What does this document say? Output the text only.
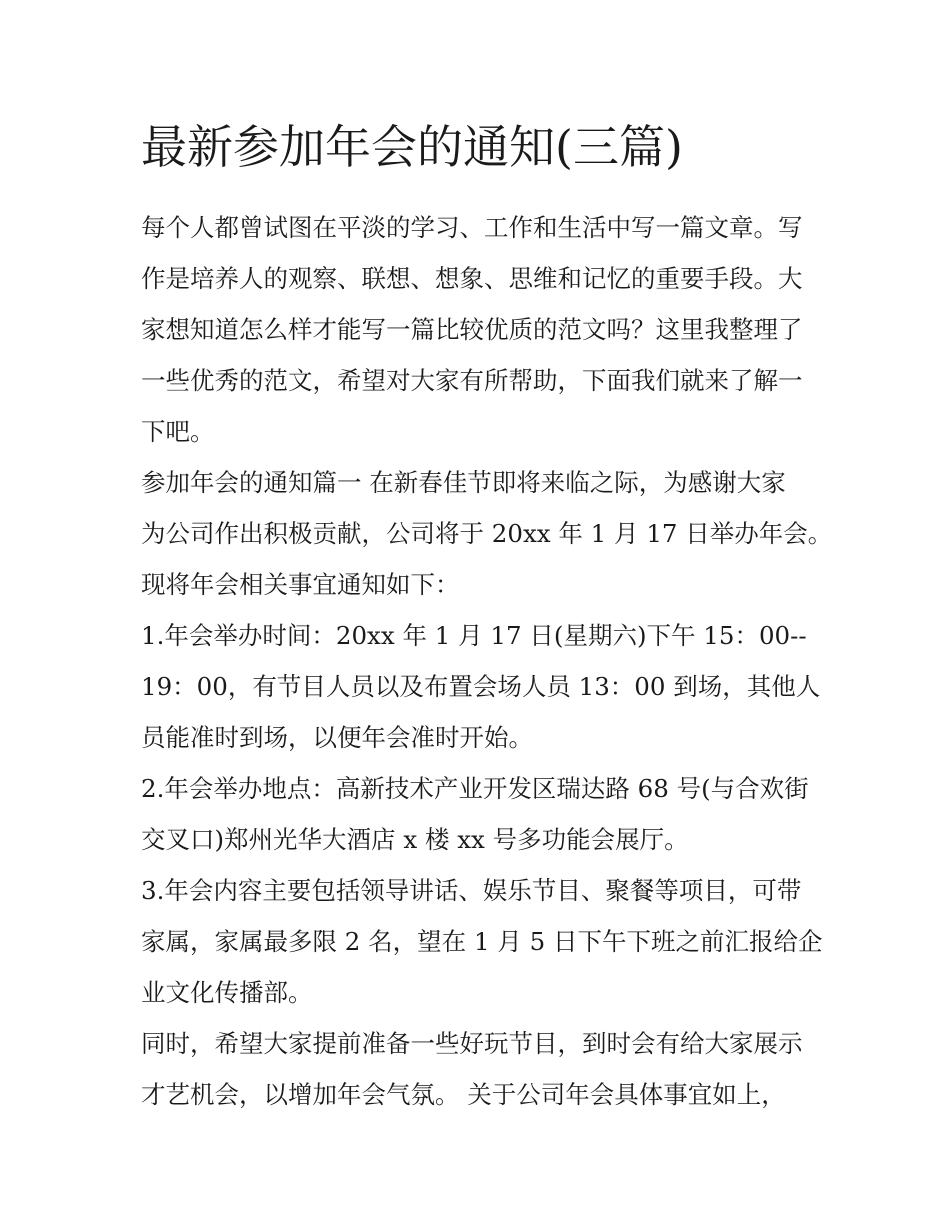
最新参加年会的通知(三篇)
每个人都曾试图在平淡的学习、工作和生活中写一篇文章。写
作是培养人的观察、联想、想象、思维和记忆的重要手段。大
家想知道怎么样才能写一篇比较优质的范文吗？这里我整理了
一些优秀的范文，希望对大家有所帮助，下面我们就来了解一
下吧。
参加年会的通知篇一 在新春佳节即将来临之际，为感谢大家
为公司作出积极贡献，公司将于 20xx 年 1 月 17 日举办年会。
现将年会相关事宜通知如下：
1.年会举办时间：20xx 年 1 月 17 日(星期六)下午 15：00--
19：00，有节目人员以及布置会场人员 13：00 到场，其他人
员能准时到场，以便年会准时开始。
2.年会举办地点：高新技术产业开发区瑞达路 68 号(与合欢街
交叉口)郑州光华大酒店 x 楼 xx 号多功能会展厅。
3.年会内容主要包括领导讲话、娱乐节目、聚餐等项目，可带
家属，家属最多限 2 名，望在 1 月 5 日下午下班之前汇报给企
业文化传播部。
同时，希望大家提前准备一些好玩节目，到时会有给大家展示
才艺机会，以增加年会气氛。 关于公司年会具体事宜如上，
